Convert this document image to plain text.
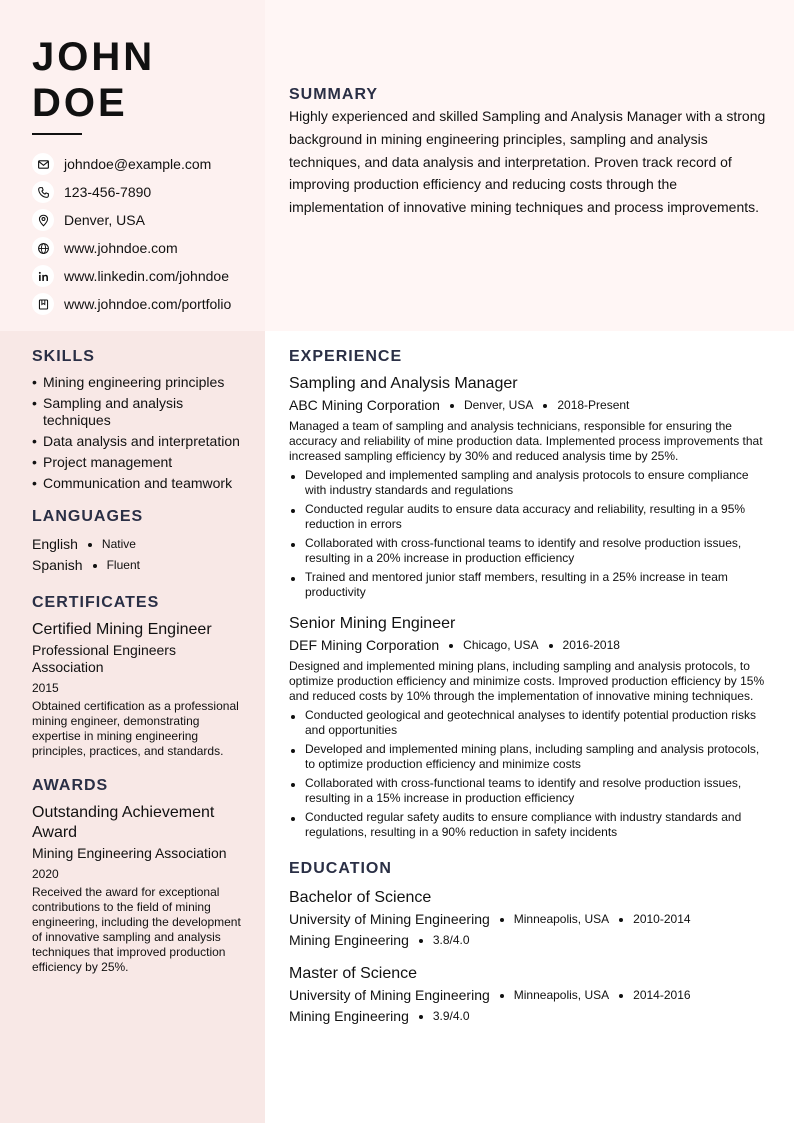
JOHN
DOE
johndoe@example.com
123-456-7890
Denver, USA
www.johndoe.com
www.linkedin.com/johndoe
www.johndoe.com/portfolio
SUMMARY

Highly experienced and skilled Sampling and Analysis Manager with a strong background in mining engineering principles, sampling and analysis techniques, and data analysis and interpretation. Proven track record of improving production efficiency and reducing costs through the implementation of innovative mining techniques and process improvements.

SKILLS
• Mining engineering principles
• Sampling and analysis techniques
• Data analysis and interpretation
• Project management
• Communication and teamwork
LANGUAGES
English Native
Spanish Fluent
CERTIFICATES

Certified Mining Engineer

Professional Engineers Association

2015

Obtained certification as a professional mining engineer, demonstrating expertise in mining engineering principles, practices, and standards.

AWARDS

Outstanding Achievement Award

Mining Engineering Association

2020

Received the award for exceptional contributions to the field of mining engineering, including the development of innovative sampling and analysis techniques that improved production efficiency by 25%.

EXPERIENCE

Sampling and Analysis Manager

ABC Mining Corporation Denver, USA 2018-Present

Managed a team of sampling and analysis technicians, responsible for ensuring the accuracy and reliability of mine production data. Implemented process improvements that increased sampling efficiency by 30% and reduced analysis time by 25%.

Developed and implemented sampling and analysis protocols to ensure compliance with industry standards and regulations
Conducted regular audits to ensure data accuracy and reliability, resulting in a 95% reduction in errors
Collaborated with cross-functional teams to identify and resolve production issues, resulting in a 20% increase in production efficiency
Trained and mentored junior staff members, resulting in a 25% increase in team productivity

Senior Mining Engineer

DEF Mining Corporation Chicago, USA 2016-2018

Designed and implemented mining plans, including sampling and analysis protocols, to optimize production efficiency and minimize costs. Improved production efficiency by 15% and reduced costs by 10% through the implementation of innovative mining techniques.

Conducted geological and geotechnical analyses to identify potential production risks and opportunities
Developed and implemented mining plans, including sampling and analysis protocols, to optimize production efficiency and minimize costs
Collaborated with cross-functional teams to identify and resolve production issues, resulting in a 15% increase in production efficiency
Conducted regular safety audits to ensure compliance with industry standards and regulations, resulting in a 90% reduction in safety incidents
EDUCATION

Bachelor of Science

University of Mining Engineering Minneapolis, USA 2010-2014
Mining Engineering 3.8/4.0

Master of Science

University of Mining Engineering Minneapolis, USA 2014-2016
Mining Engineering 3.9/4.0
